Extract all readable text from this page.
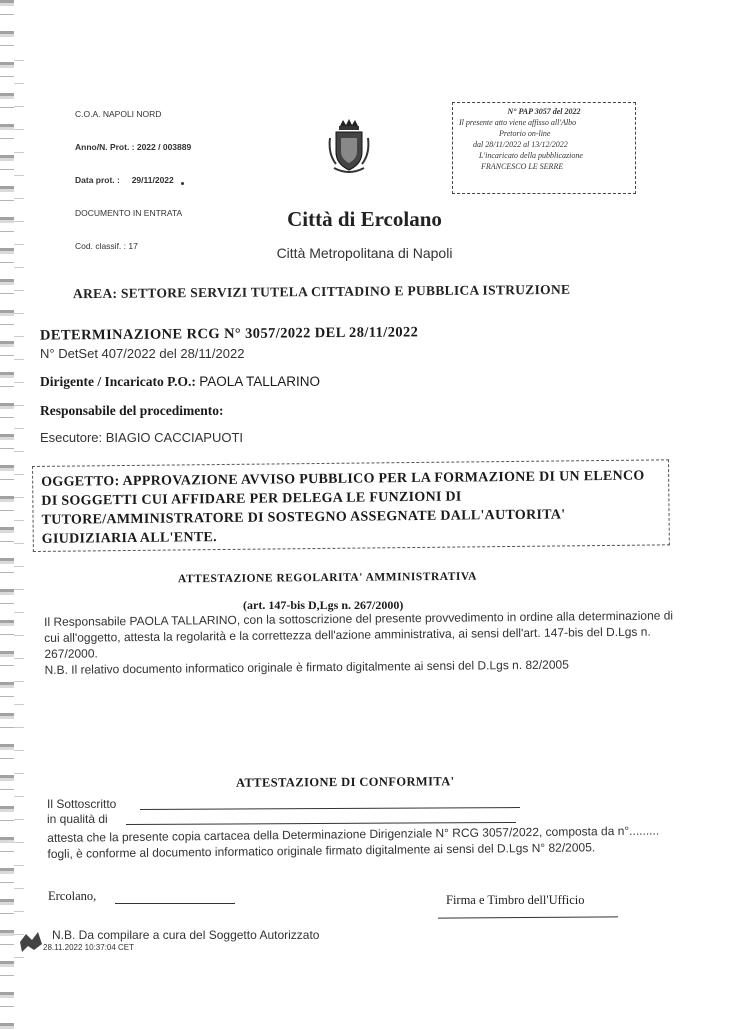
C.O.A. NAPOLI NORD

Anno/N. Prot. : 2022 / 003889

Data prot. : 29/11/2022

DOCUMENTO IN ENTRATA

Cod. classif. : 17

N° PAP 3057 del 2022
Il presente atto viene affisso all'Albo
Pretorio on-line
dal 28/11/2022 al 13/12/2022
L'incaricato della pubblicazione
FRANCESCO LE SERRE
Città di Ercolano
Città Metropolitana di Napoli
AREA: SETTORE SERVIZI TUTELA CITTADINO E PUBBLICA ISTRUZIONE
DETERMINAZIONE RCG N° 3057/2022 DEL 28/11/2022
N° DetSet 407/2022 del 28/11/2022
Dirigente / Incaricato P.O.: PAOLA TALLARINO
Responsabile del procedimento:
Esecutore: BIAGIO CACCIAPUOTI
OGGETTO: APPROVAZIONE AVVISO PUBBLICO PER LA FORMAZIONE DI UN ELENCO DI SOGGETTI CUI AFFIDARE PER DELEGA LE FUNZIONI DI TUTORE/AMMINISTRATORE DI SOSTEGNO ASSEGNATE DALL'AUTORITA' GIUDIZIARIA ALL'ENTE.
ATTESTAZIONE REGOLARITA' AMMINISTRATIVA
(art. 147-bis D,Lgs n. 267/2000)
Il Responsabile PAOLA TALLARINO, con la sottoscrizione del presente provvedimento in ordine alla determinazione di cui all'oggetto, attesta la regolarità e la correttezza dell'azione amministrativa, ai sensi dell'art. 147-bis del D.Lgs n. 267/2000.
N.B. Il relativo documento informatico originale è firmato digitalmente ai sensi del D.Lgs n. 82/2005
ATTESTAZIONE DI CONFORMITA'
Il Sottoscritto
in qualità di
attesta che la presente copia cartacea della Determinazione Dirigenziale N° RCG 3057/2022, composta da n°......... fogli, è conforme al documento informatico originale firmato digitalmente ai sensi del D.Lgs N° 82/2005.
Ercolano,	Firma e Timbro dell'Ufficio
N.B. Da compilare a cura del Soggetto Autorizzato
28.11.2022 10:37:04 CET
